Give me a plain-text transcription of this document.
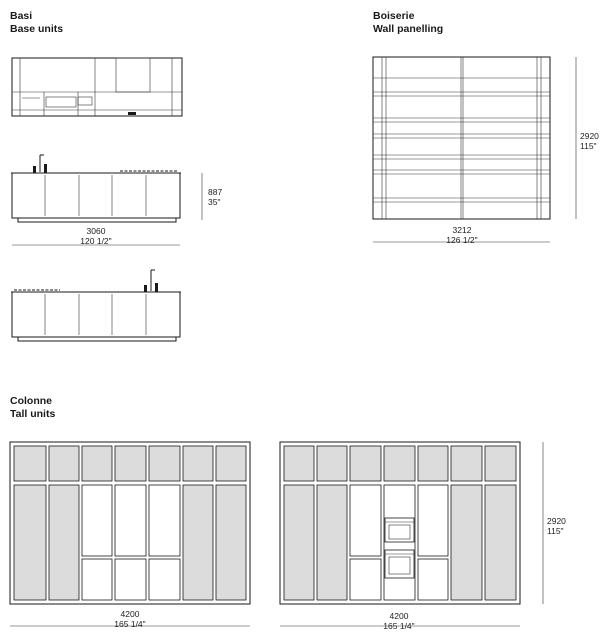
Basi
Base units
Boiserie
Wall panelling
Colonne
Tall units
887
35"
3060
120 1/2"
2920
115"
3212
126 1/2"
4200
165 1/4"
4200
165 1/4"
2920
115"
